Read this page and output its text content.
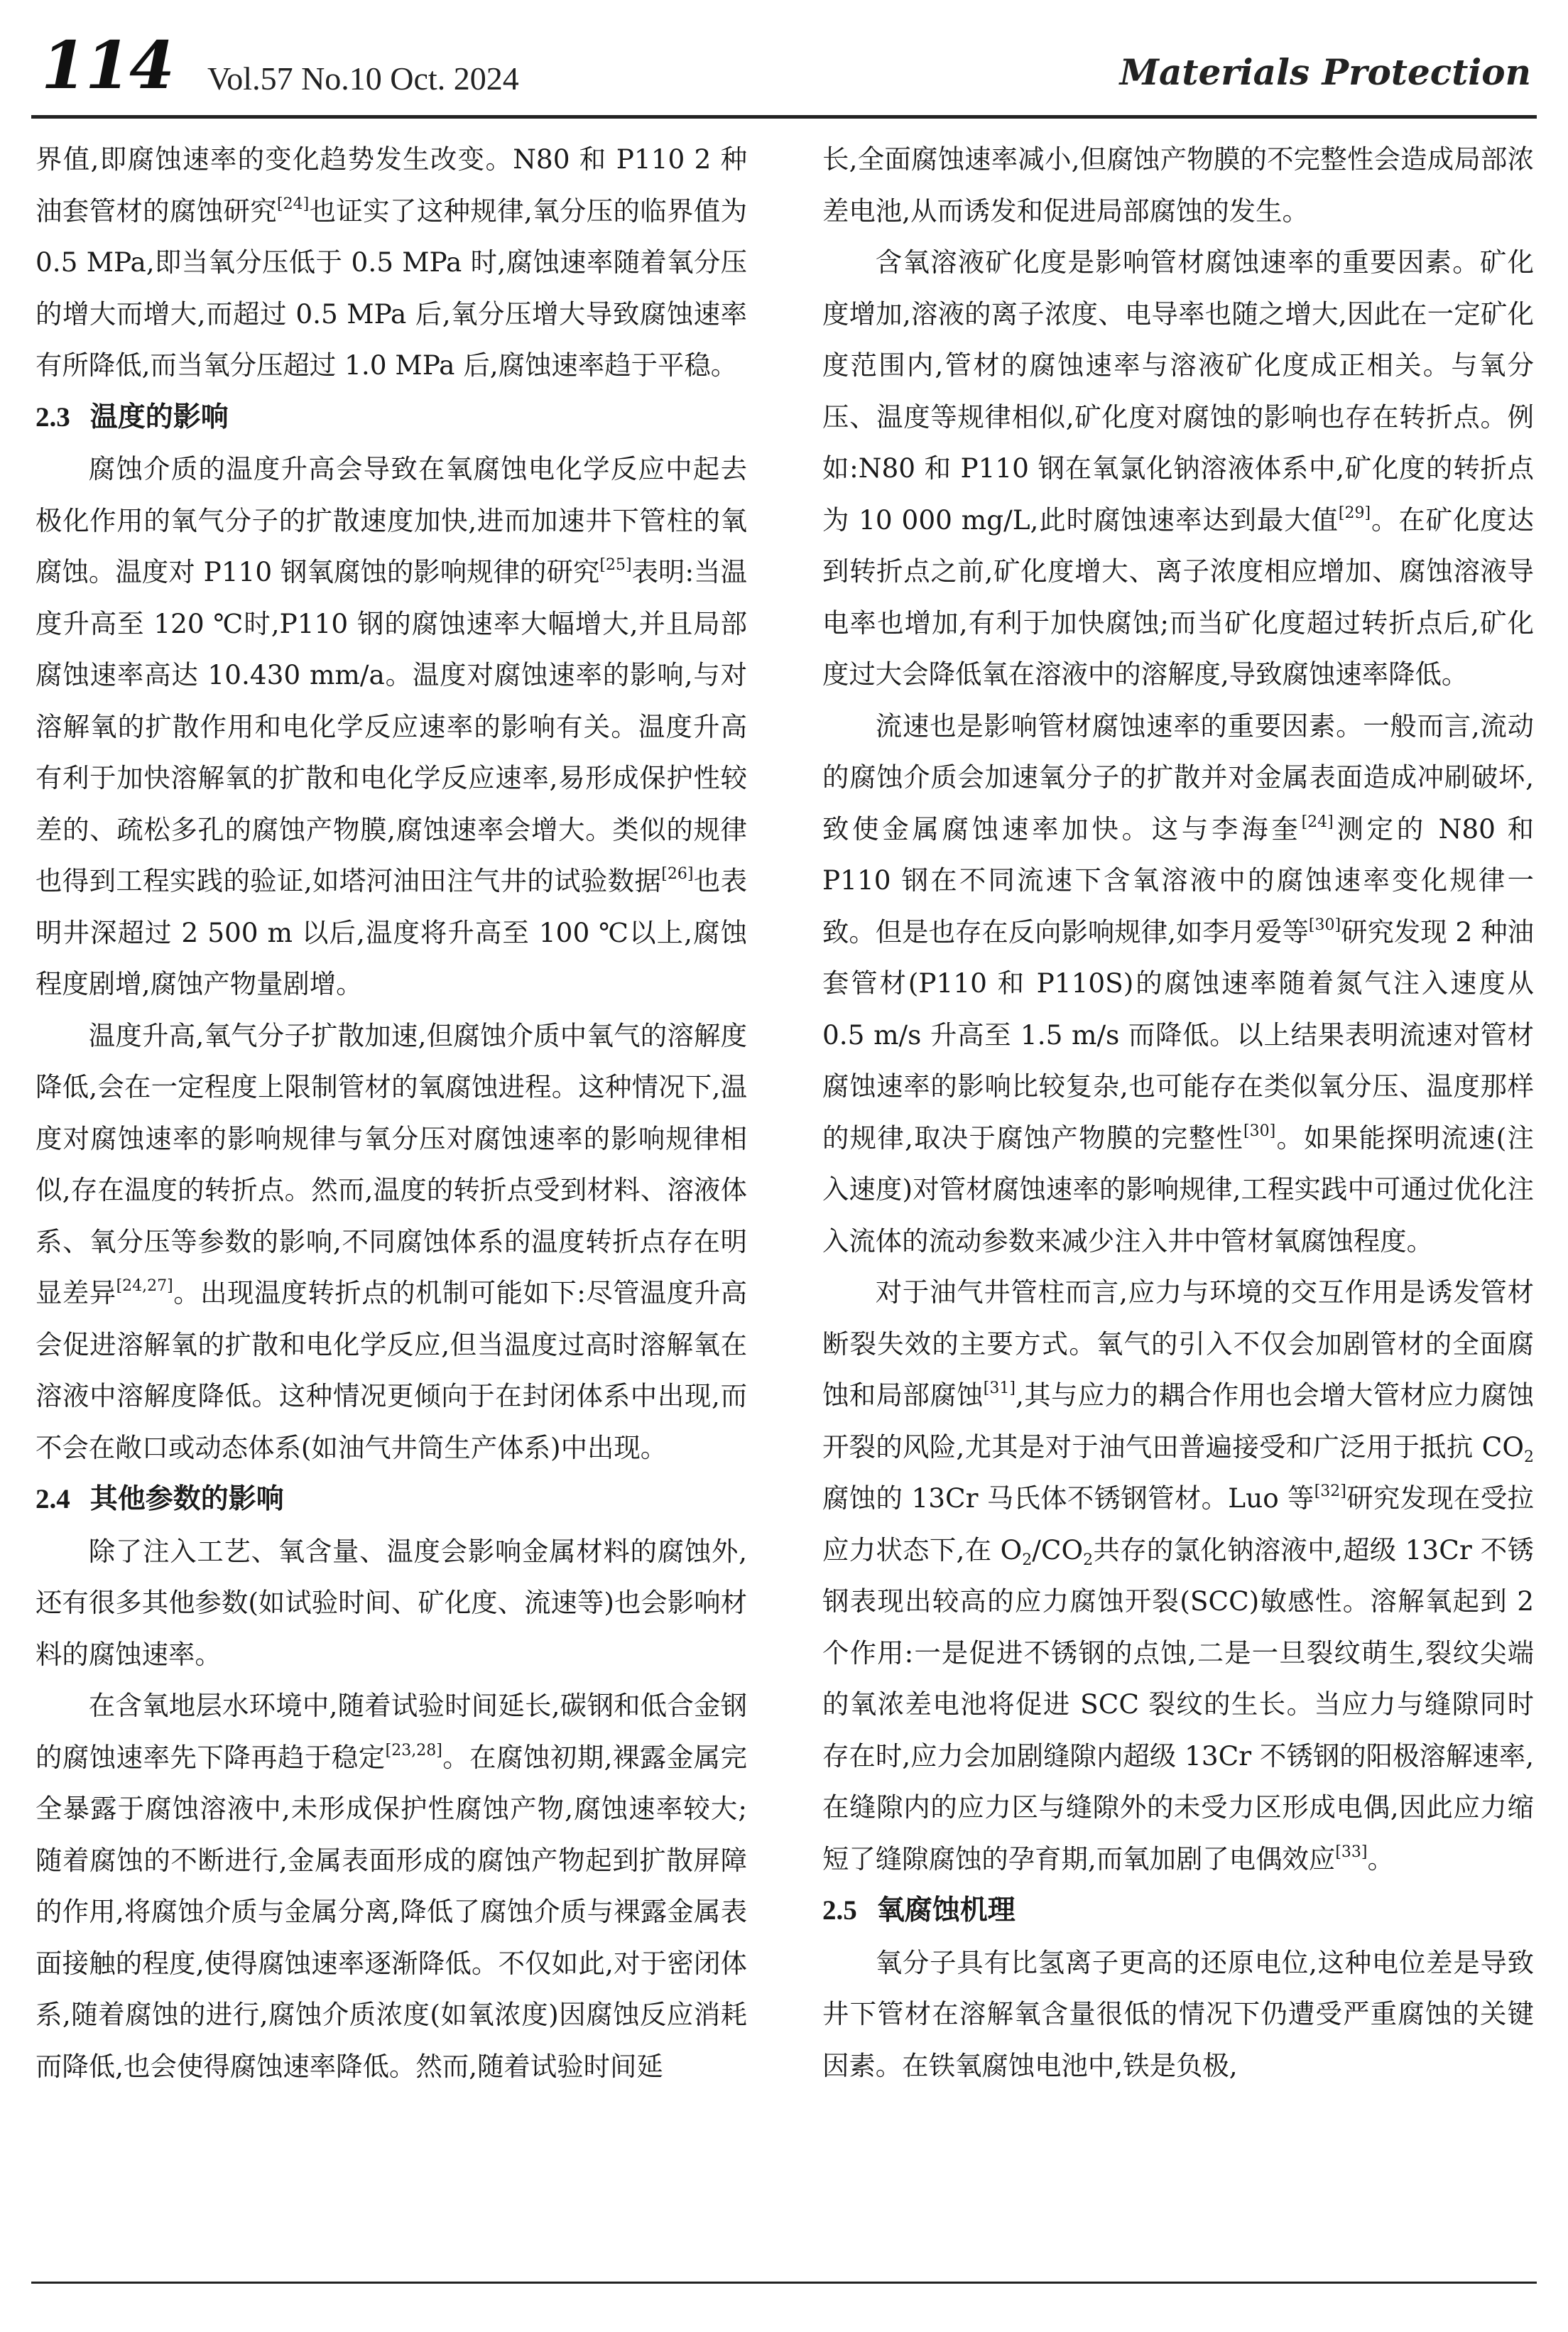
114 Vol.57 No.10 Oct. 2024	Materials Protection

界值,即腐蚀速率的变化趋势发生改变。N80 和 P110 2 种油套管材的腐蚀研究[24]也证实了这种规律,氧分压的临界值为 0.5 MPa,即当氧分压低于 0.5 MPa 时,腐蚀速率随着氧分压的增大而增大,而超过 0.5 MPa 后,氧分压增大导致腐蚀速率有所降低,而当氧分压超过 1.0 MPa 后,腐蚀速率趋于平稳。

2.3 温度的影响

腐蚀介质的温度升高会导致在氧腐蚀电化学反应中起去极化作用的氧气分子的扩散速度加快,进而加速井下管柱的氧腐蚀。温度对 P110 钢氧腐蚀的影响规律的研究[25]表明:当温度升高至 120 ℃时,P110 钢的腐蚀速率大幅增大,并且局部腐蚀速率高达 10.430 mm/a。温度对腐蚀速率的影响,与对溶解氧的扩散作用和电化学反应速率的影响有关。温度升高有利于加快溶解氧的扩散和电化学反应速率,易形成保护性较差的、疏松多孔的腐蚀产物膜,腐蚀速率会增大。类似的规律也得到工程实践的验证,如塔河油田注气井的试验数据[26]也表明井深超过 2 500 m 以后,温度将升高至 100 ℃以上,腐蚀程度剧增,腐蚀产物量剧增。

温度升高,氧气分子扩散加速,但腐蚀介质中氧气的溶解度降低,会在一定程度上限制管材的氧腐蚀进程。这种情况下,温度对腐蚀速率的影响规律与氧分压对腐蚀速率的影响规律相似,存在温度的转折点。然而,温度的转折点受到材料、溶液体系、氧分压等参数的影响,不同腐蚀体系的温度转折点存在明显差异[24,27]。出现温度转折点的机制可能如下:尽管温度升高会促进溶解氧的扩散和电化学反应,但当温度过高时溶解氧在溶液中溶解度降低。这种情况更倾向于在封闭体系中出现,而不会在敞口或动态体系(如油气井筒生产体系)中出现。

2.4 其他参数的影响

除了注入工艺、氧含量、温度会影响金属材料的腐蚀外,还有很多其他参数(如试验时间、矿化度、流速等)也会影响材料的腐蚀速率。

在含氧地层水环境中,随着试验时间延长,碳钢和低合金钢的腐蚀速率先下降再趋于稳定[23,28]。在腐蚀初期,裸露金属完全暴露于腐蚀溶液中,未形成保护性腐蚀产物,腐蚀速率较大;随着腐蚀的不断进行,金属表面形成的腐蚀产物起到扩散屏障的作用,将腐蚀介质与金属分离,降低了腐蚀介质与裸露金属表面接触的程度,使得腐蚀速率逐渐降低。不仅如此,对于密闭体系,随着腐蚀的进行,腐蚀介质浓度(如氧浓度)因腐蚀反应消耗而降低,也会使得腐蚀速率降低。然而,随着试验时间延

长,全面腐蚀速率减小,但腐蚀产物膜的不完整性会造成局部浓差电池,从而诱发和促进局部腐蚀的发生。

含氧溶液矿化度是影响管材腐蚀速率的重要因素。矿化度增加,溶液的离子浓度、电导率也随之增大,因此在一定矿化度范围内,管材的腐蚀速率与溶液矿化度成正相关。与氧分压、温度等规律相似,矿化度对腐蚀的影响也存在转折点。例如:N80 和 P110 钢在氧氯化钠溶液体系中,矿化度的转折点为 10 000 mg/L,此时腐蚀速率达到最大值[29]。在矿化度达到转折点之前,矿化度增大、离子浓度相应增加、腐蚀溶液导电率也增加,有利于加快腐蚀;而当矿化度超过转折点后,矿化度过大会降低氧在溶液中的溶解度,导致腐蚀速率降低。

流速也是影响管材腐蚀速率的重要因素。一般而言,流动的腐蚀介质会加速氧分子的扩散并对金属表面造成冲刷破坏,致使金属腐蚀速率加快。这与李海奎[24]测定的 N80 和 P110 钢在不同流速下含氧溶液中的腐蚀速率变化规律一致。但是也存在反向影响规律,如李月爱等[30]研究发现 2 种油套管材(P110 和 P110S)的腐蚀速率随着氮气注入速度从 0.5 m/s 升高至 1.5 m/s 而降低。以上结果表明流速对管材腐蚀速率的影响比较复杂,也可能存在类似氧分压、温度那样的规律,取决于腐蚀产物膜的完整性[30]。如果能探明流速(注入速度)对管材腐蚀速率的影响规律,工程实践中可通过优化注入流体的流动参数来减少注入井中管材氧腐蚀程度。

对于油气井管柱而言,应力与环境的交互作用是诱发管材断裂失效的主要方式。氧气的引入不仅会加剧管材的全面腐蚀和局部腐蚀[31],其与应力的耦合作用也会增大管材应力腐蚀开裂的风险,尤其是对于油气田普遍接受和广泛用于抵抗 $CO_2$腐蚀的 13Cr 马氏体不锈钢管材。Luo 等[32]研究发现在受拉应力状态下,在 $O_2/CO_2$共存的氯化钠溶液中,超级 13Cr 不锈钢表现出较高的应力腐蚀开裂(SCC)敏感性。溶解氧起到 2 个作用:一是促进不锈钢的点蚀,二是一旦裂纹萌生,裂纹尖端的氧浓差电池将促进 SCC 裂纹的生长。当应力与缝隙同时存在时,应力会加剧缝隙内超级 13Cr 不锈钢的阳极溶解速率,在缝隙内的应力区与缝隙外的未受力区形成电偶,因此应力缩短了缝隙腐蚀的孕育期,而氧加剧了电偶效应[33]。

2.5 氧腐蚀机理

氧分子具有比氢离子更高的还原电位,这种电位差是导致井下管材在溶解氧含量很低的情况下仍遭受严重腐蚀的关键因素。在铁氧腐蚀电池中,铁是负极,
